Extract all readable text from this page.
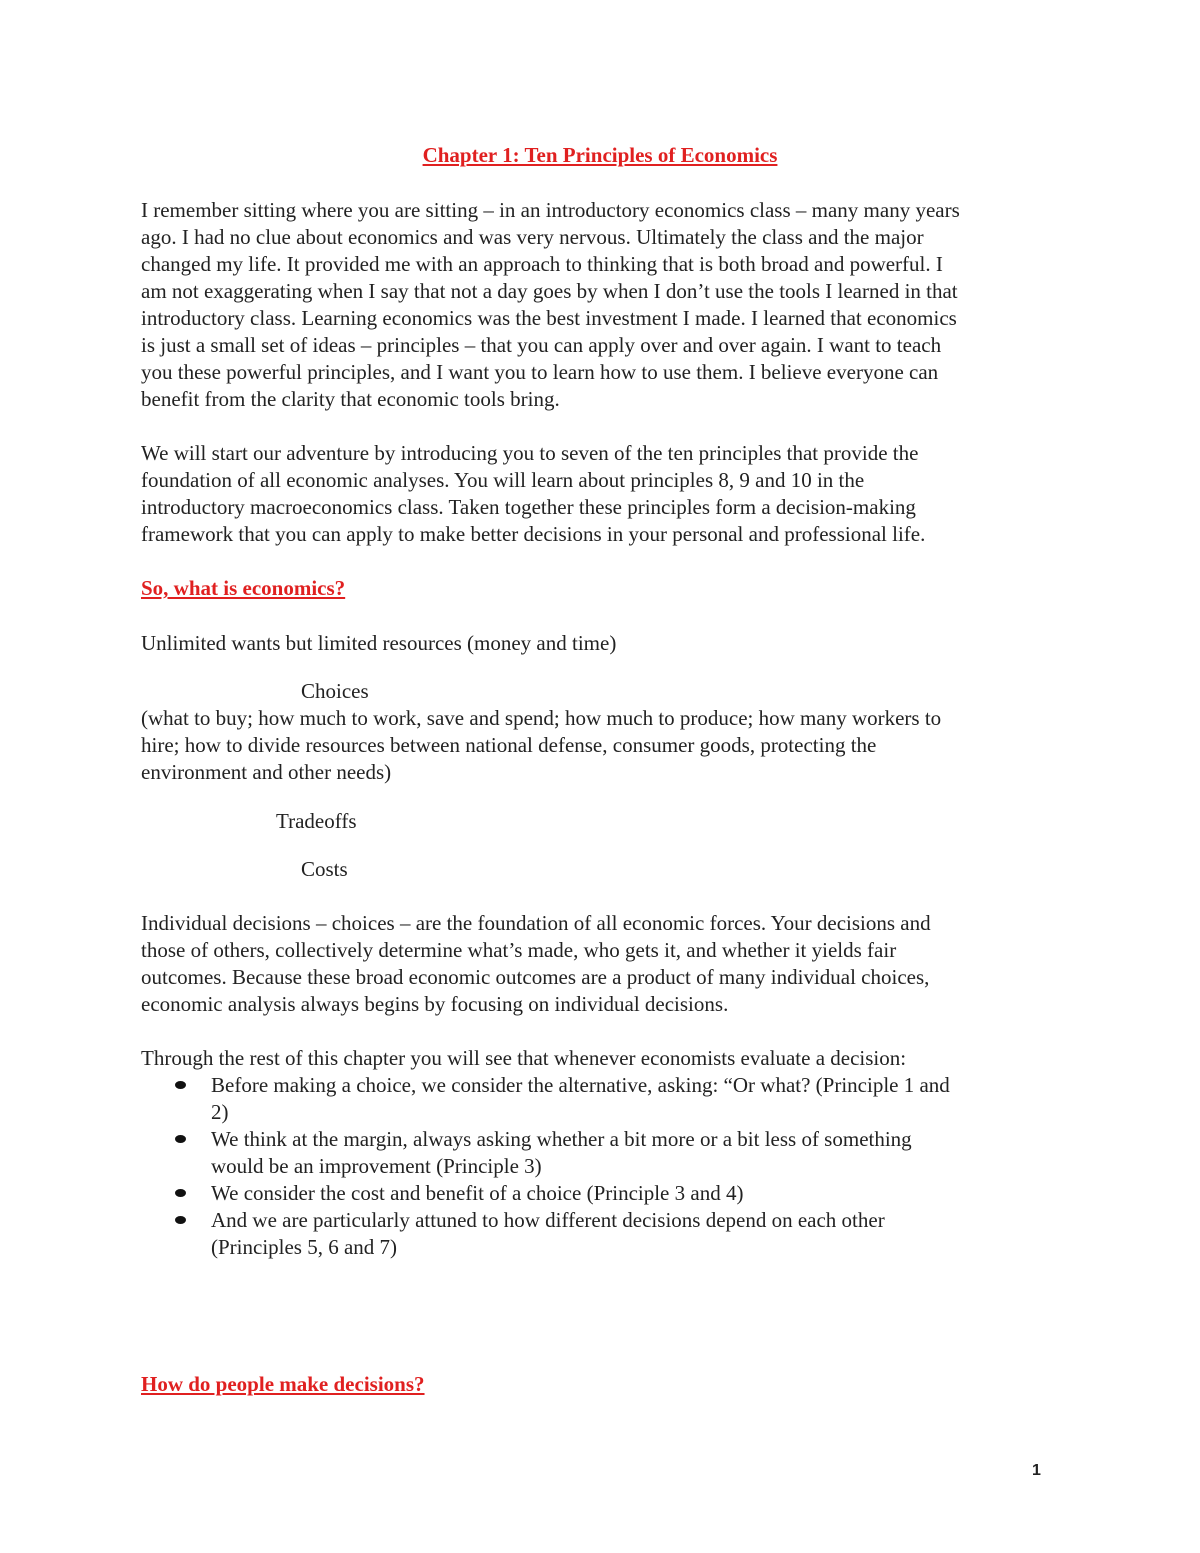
Chapter 1: Ten Principles of Economics

I remember sitting where you are sitting – in an introductory economics class – many many years
ago. I had no clue about economics and was very nervous. Ultimately the class and the major
changed my life. It provided me with an approach to thinking that is both broad and powerful. I
am not exaggerating when I say that not a day goes by when I don’t use the tools I learned in that
introductory class. Learning economics was the best investment I made. I learned that economics
is just a small set of ideas – principles – that you can apply over and over again. I want to teach
you these powerful principles, and I want you to learn how to use them. I believe everyone can
benefit from the clarity that economic tools bring.

We will start our adventure by introducing you to seven of the ten principles that provide the
foundation of all economic analyses. You will learn about principles 8, 9 and 10 in the
introductory macroeconomics class. Taken together these principles form a decision-making
framework that you can apply to make better decisions in your personal and professional life.

So, what is economics?
Unlimited wants but limited resources (money and time)
Choices

(what to buy; how much to work, save and spend; how much to produce; how many workers to
hire; how to divide resources between national defense, consumer goods, protecting the
environment and other needs)

Tradeoffs
Costs

Individual decisions – choices – are the foundation of all economic forces. Your decisions and
those of others, collectively determine what’s made, who gets it, and whether it yields fair
outcomes. Because these broad economic outcomes are a product of many individual choices,
economic analysis always begins by focusing on individual decisions.

Through the rest of this chapter you will see that whenever economists evaluate a decision:

Before making a choice, we consider the alternative, asking: “Or what? (Principle 1 and
2)
We think at the margin, always asking whether a bit more or a bit less of something
would be an improvement (Principle 3)
We consider the cost and benefit of a choice (Principle 3 and 4)
And we are particularly attuned to how different decisions depend on each other
(Principles 5, 6 and 7)
How do people make decisions?
1
